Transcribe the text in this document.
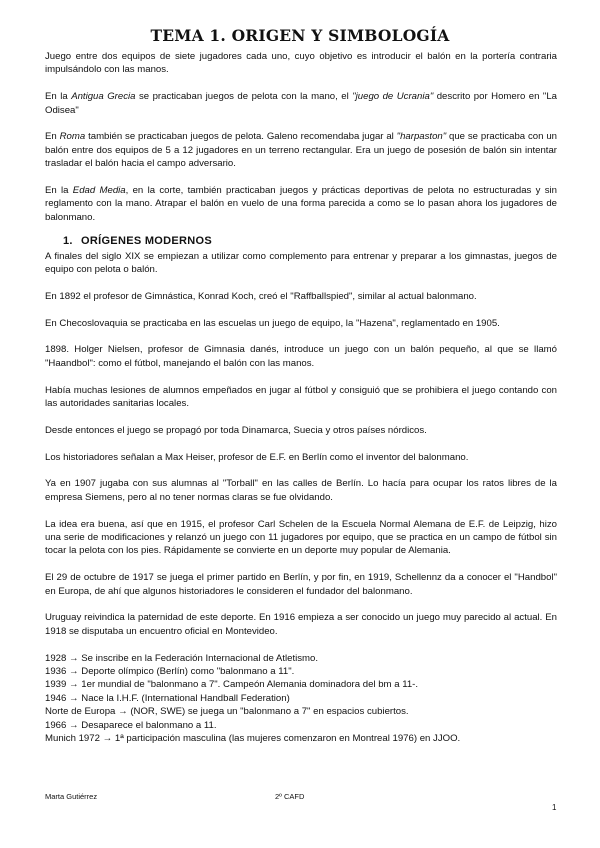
TEMA 1. ORIGEN Y SIMBOLOGÍA

Juego entre dos equipos de siete jugadores cada uno, cuyo objetivo es introducir el balón en la portería contraria impulsándolo con las manos.

En la Antigua Grecia se practicaban juegos de pelota con la mano, el "juego de Ucrania" descrito por Homero en "La Odisea"

En Roma también se practicaban juegos de pelota. Galeno recomendaba jugar al "harpaston" que se practicaba con un balón entre dos equipos de 5 a 12 jugadores en un terreno rectangular. Era un juego de posesión de balón sin intentar trasladar el balón hacia el campo adversario.

En la Edad Media, en la corte, también practicaban juegos y prácticas deportivas de pelota no estructuradas y sin reglamento con la mano. Atrapar el balón en vuelo de una forma parecida a como se lo pasan ahora los jugadores de balonmano.

1. ORÍGENES MODERNOS

A finales del siglo XIX se empiezan a utilizar como complemento para entrenar y preparar a los gimnastas, juegos de equipo con pelota o balón.

En 1892 el profesor de Gimnástica, Konrad Koch, creó el "Raffballspied", similar al actual balonmano.

En Checoslovaquia se practicaba en las escuelas un juego de equipo, la "Hazena", reglamentado en 1905.

1898. Holger Nielsen, profesor de Gimnasia danés, introduce un juego con un balón pequeño, al que se llamó "Haandbol": como el fútbol, manejando el balón con las manos.

Había muchas lesiones de alumnos empeñados en jugar al fútbol y consiguió que se prohibiera el juego contando con las autoridades sanitarias locales.

Desde entonces el juego se propagó por toda Dinamarca, Suecia y otros países nórdicos.

Los historiadores señalan a Max Heiser, profesor de E.F. en Berlín como el inventor del balonmano.

Ya en 1907 jugaba con sus alumnas al "Torball" en las calles de Berlín. Lo hacía para ocupar los ratos libres de la empresa Siemens, pero al no tener normas claras se fue olvidando.

La idea era buena, así que en 1915, el profesor Carl Schelen de la Escuela Normal Alemana de E.F. de Leipzig, hizo una serie de modificaciones y relanzó un juego con 11 jugadores por equipo, que se practica en un campo de fútbol sin tocar la pelota con los pies. Rápidamente se convierte en un deporte muy popular de Alemania.

El 29 de octubre de 1917 se juega el primer partido en Berlín, y por fin, en 1919, Schellennz da a conocer el "Handbol" en Europa, de ahí que algunos historiadores le consideren el fundador del balonmano.

Uruguay reivindica la paternidad de este deporte. En 1916 empieza a ser conocido un juego muy parecido al actual. En 1918 se disputaba un encuentro oficial en Montevideo.

1928 → Se inscribe en la Federación Internacional de Atletismo.

1936 → Deporte olímpico (Berlín) como "balonmano a 11".

1939 → 1er mundial de "balonmano a 7". Campeón Alemania dominadora del bm a 11-.

1946 → Nace la I.H.F. (International Handball Federation)

Norte de Europa → (NOR, SWE) se juega un "balonmano a 7" en espacios cubiertos.

1966 → Desaparece el balonmano a 11.

Munich 1972 → 1ª participación masculina (las mujeres comenzaron en Montreal 1976) en JJOO.

Marta Gutiérrez	2º CAFD
1
